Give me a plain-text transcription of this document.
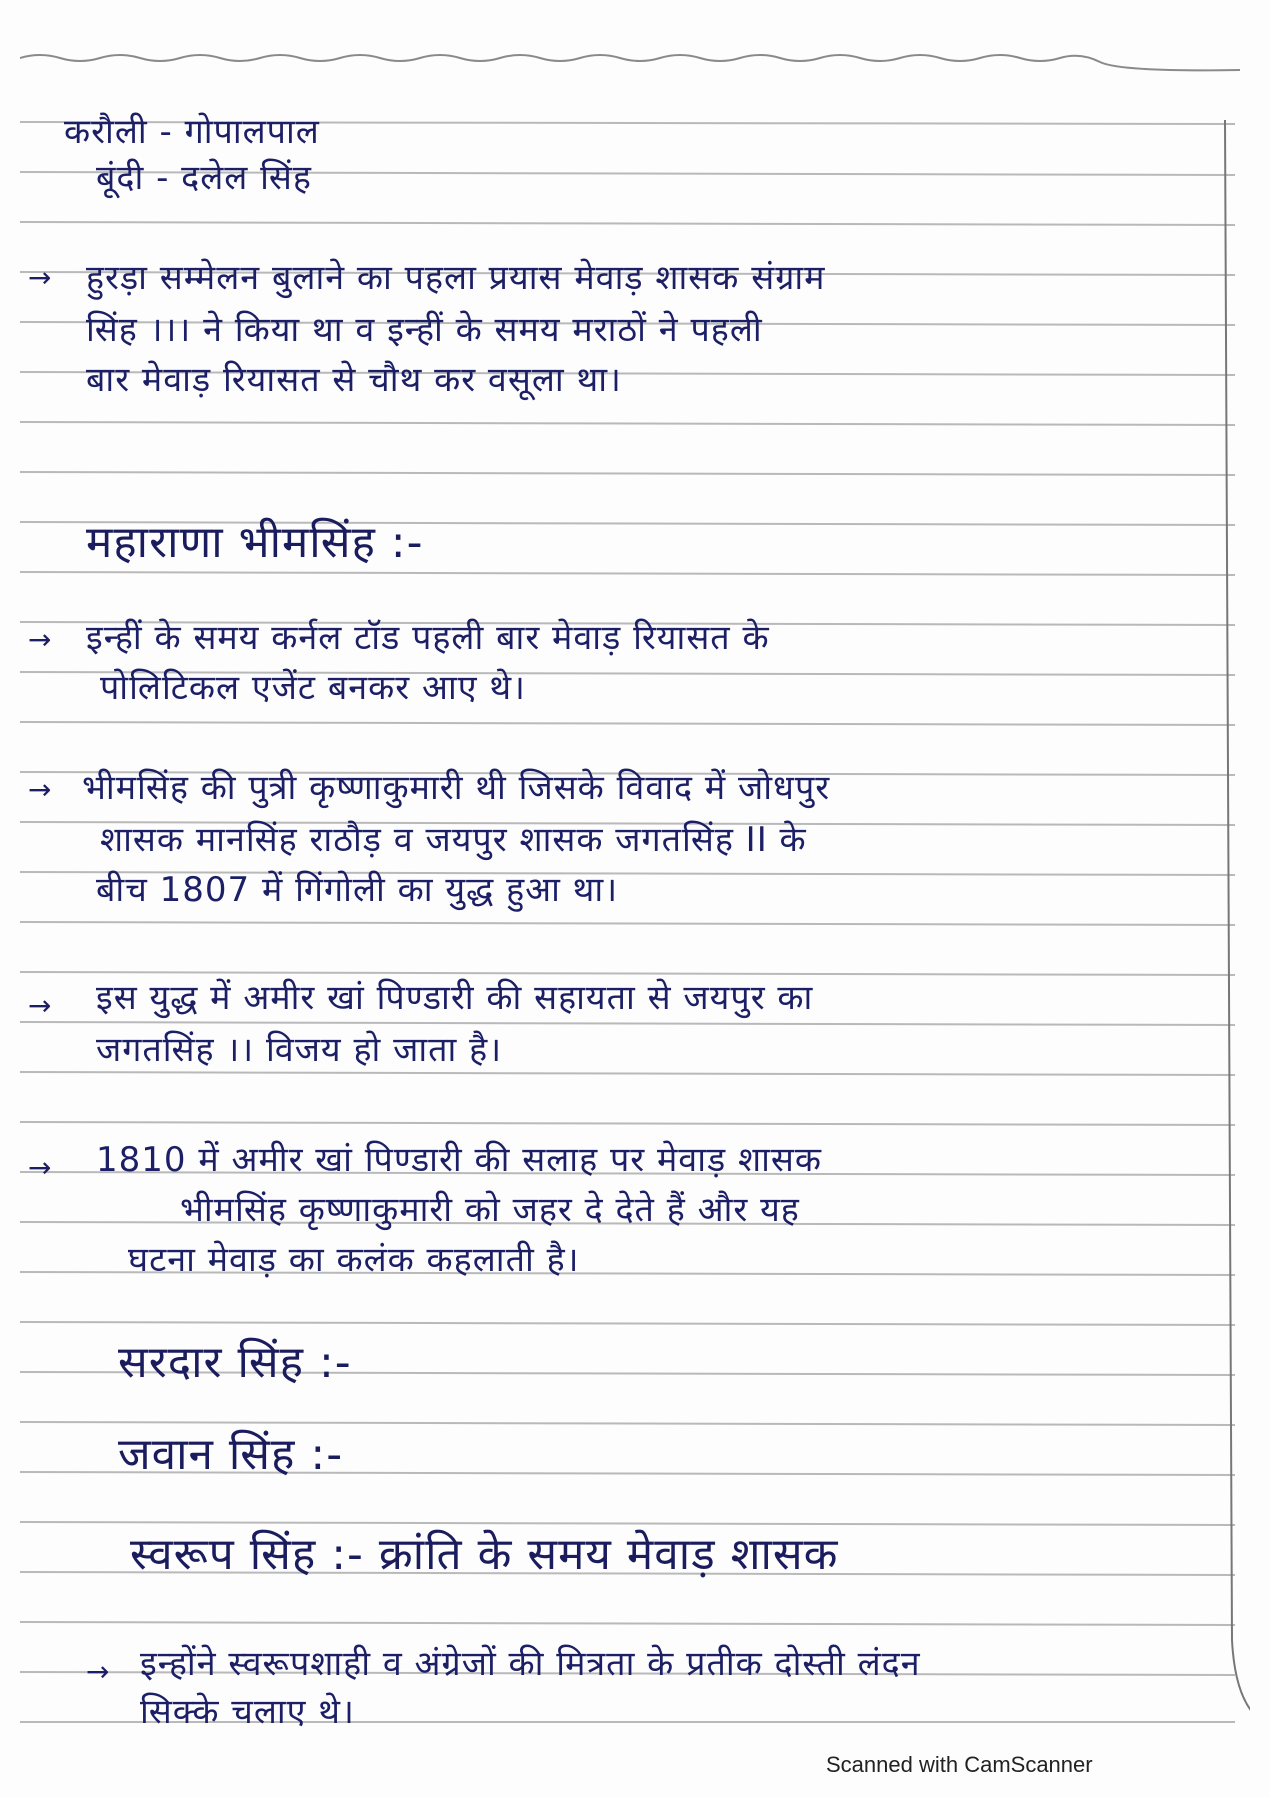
करौली - गोपालपाल
बूंदी - दलेल सिंह
→ हुरड़ा सम्मेलन बुलाने का पहला प्रयास मेवाड़ शासक संग्राम
सिंह ।।। ने किया था व इन्हीं के समय मराठों ने पहली
बार मेवाड़ रियासत से चौथ कर वसूला था।
महाराणा भीमसिंह :-
→ इन्हीं के समय कर्नल टॉड पहली बार मेवाड़ रियासत के
पोलिटिकल एजेंट बनकर आए थे।
→ भीमसिंह की पुत्री कृष्णाकुमारी थी जिसके विवाद में जोधपुर
शासक मानसिंह राठौड़ व जयपुर शासक जगतसिंह II के
बीच 1807 में गिंगोली का युद्ध हुआ था।
→ इस युद्ध में अमीर खां पिण्डारी की सहायता से जयपुर का
जगतसिंह ।। विजय हो जाता है।
→ 1810 में अमीर खां पिण्डारी की सलाह पर मेवाड़ शासक
भीमसिंह कृष्णाकुमारी को जहर दे देते हैं और यह
घटना मेवाड़ का कलंक कहलाती है।
सरदार सिंह :-
जवान सिंह :-
स्वरूप सिंह :- क्रांति के समय मेवाड़ शासक
→ इन्होंने स्वरूपशाही व अंग्रेजों की मित्रता के प्रतीक दोस्ती लंदन
सिक्के चलाए थे।
Scanned with CamScanner
